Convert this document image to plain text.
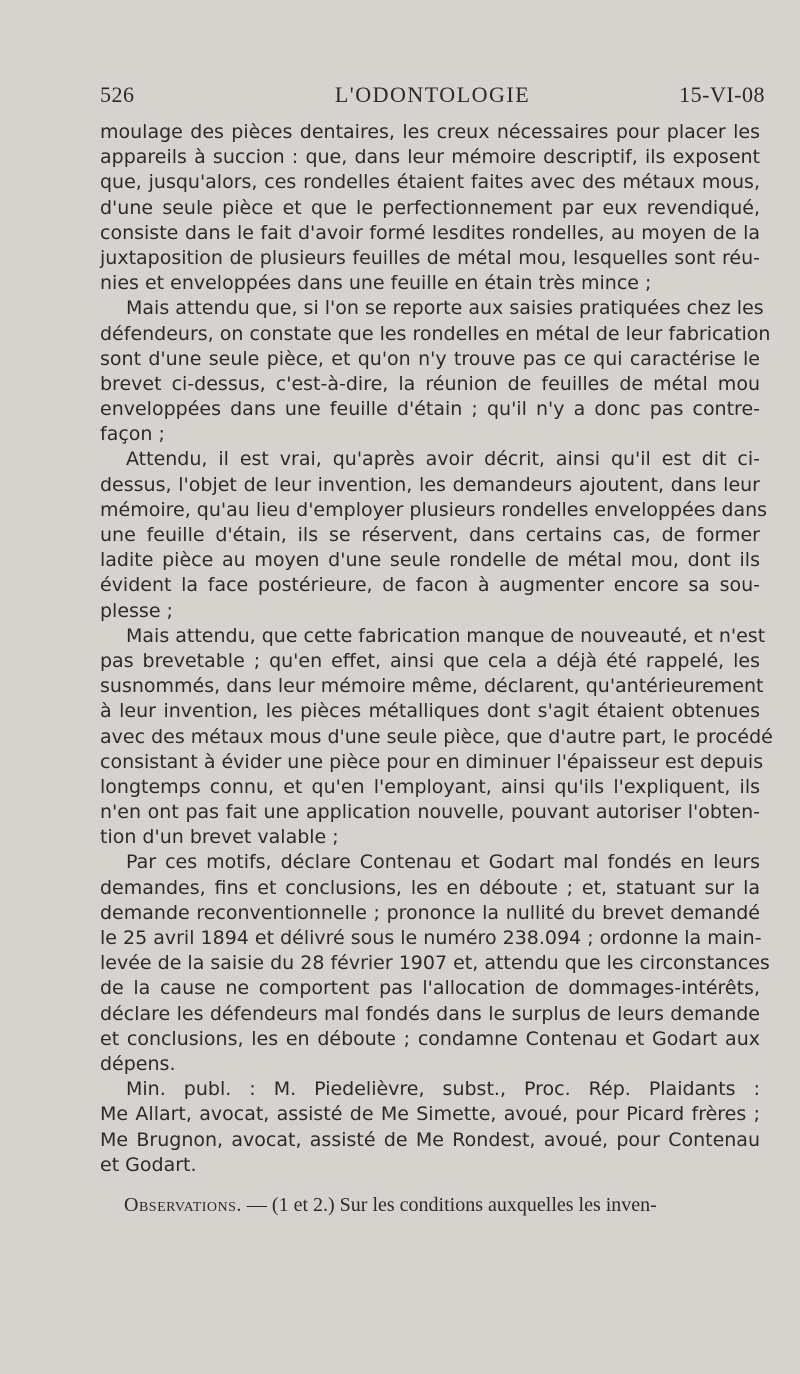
526	L'ODONTOLOGIE	15-VI-08
moulage des pièces dentaires, les creux nécessaires pour placer les
appareils à succion : que, dans leur mémoire descriptif, ils exposent
que, jusqu'alors, ces rondelles étaient faites avec des métaux mous,
d'une seule pièce et que le perfectionnement par eux revendiqué,
consiste dans le fait d'avoir formé lesdites rondelles, au moyen de la
juxtaposition de plusieurs feuilles de métal mou, lesquelles sont réu-
nies et enveloppées dans une feuille en étain très mince ;
Mais attendu que, si l'on se reporte aux saisies pratiquées chez les
défendeurs, on constate que les rondelles en métal de leur fabrication
sont d'une seule pièce, et qu'on n'y trouve pas ce qui caractérise le
brevet ci-dessus, c'est-à-dire, la réunion de feuilles de métal mou
enveloppées dans une feuille d'étain ; qu'il n'y a donc pas contre-
façon ;
Attendu, il est vrai, qu'après avoir décrit, ainsi qu'il est dit ci-
dessus, l'objet de leur invention, les demandeurs ajoutent, dans leur
mémoire, qu'au lieu d'employer plusieurs rondelles enveloppées dans
une feuille d'étain, ils se réservent, dans certains cas, de former
ladite pièce au moyen d'une seule rondelle de métal mou, dont ils
évident la face postérieure, de facon à augmenter encore sa sou-
plesse ;
Mais attendu, que cette fabrication manque de nouveauté, et n'est
pas brevetable ; qu'en effet, ainsi que cela a déjà été rappelé, les
susnommés, dans leur mémoire même, déclarent, qu'antérieurement
à leur invention, les pièces métalliques dont s'agit étaient obtenues
avec des métaux mous d'une seule pièce, que d'autre part, le procédé
consistant à évider une pièce pour en diminuer l'épaisseur est depuis
longtemps connu, et qu'en l'employant, ainsi qu'ils l'expliquent, ils
n'en ont pas fait une application nouvelle, pouvant autoriser l'obten-
tion d'un brevet valable ;
Par ces motifs, déclare Contenau et Godart mal fondés en leurs
demandes, fins et conclusions, les en déboute ; et, statuant sur la
demande reconventionnelle ; prononce la nullité du brevet demandé
le 25 avril 1894 et délivré sous le numéro 238.094 ; ordonne la main-
levée de la saisie du 28 février 1907 et, attendu que les circonstances
de la cause ne comportent pas l'allocation de dommages-intérêts,
déclare les défendeurs mal fondés dans le surplus de leurs demande
et conclusions, les en déboute ; condamne Contenau et Godart aux
dépens.
Min. publ. : M. Piedelièvre, subst., Proc. Rép. Plaidants :
Me Allart, avocat, assisté de Me Simette, avoué, pour Picard frères ;
Me Brugnon, avocat, assisté de Me Rondest, avoué, pour Contenau
et Godart.
Observations. — (1 et 2.) Sur les conditions auxquelles les inven-
